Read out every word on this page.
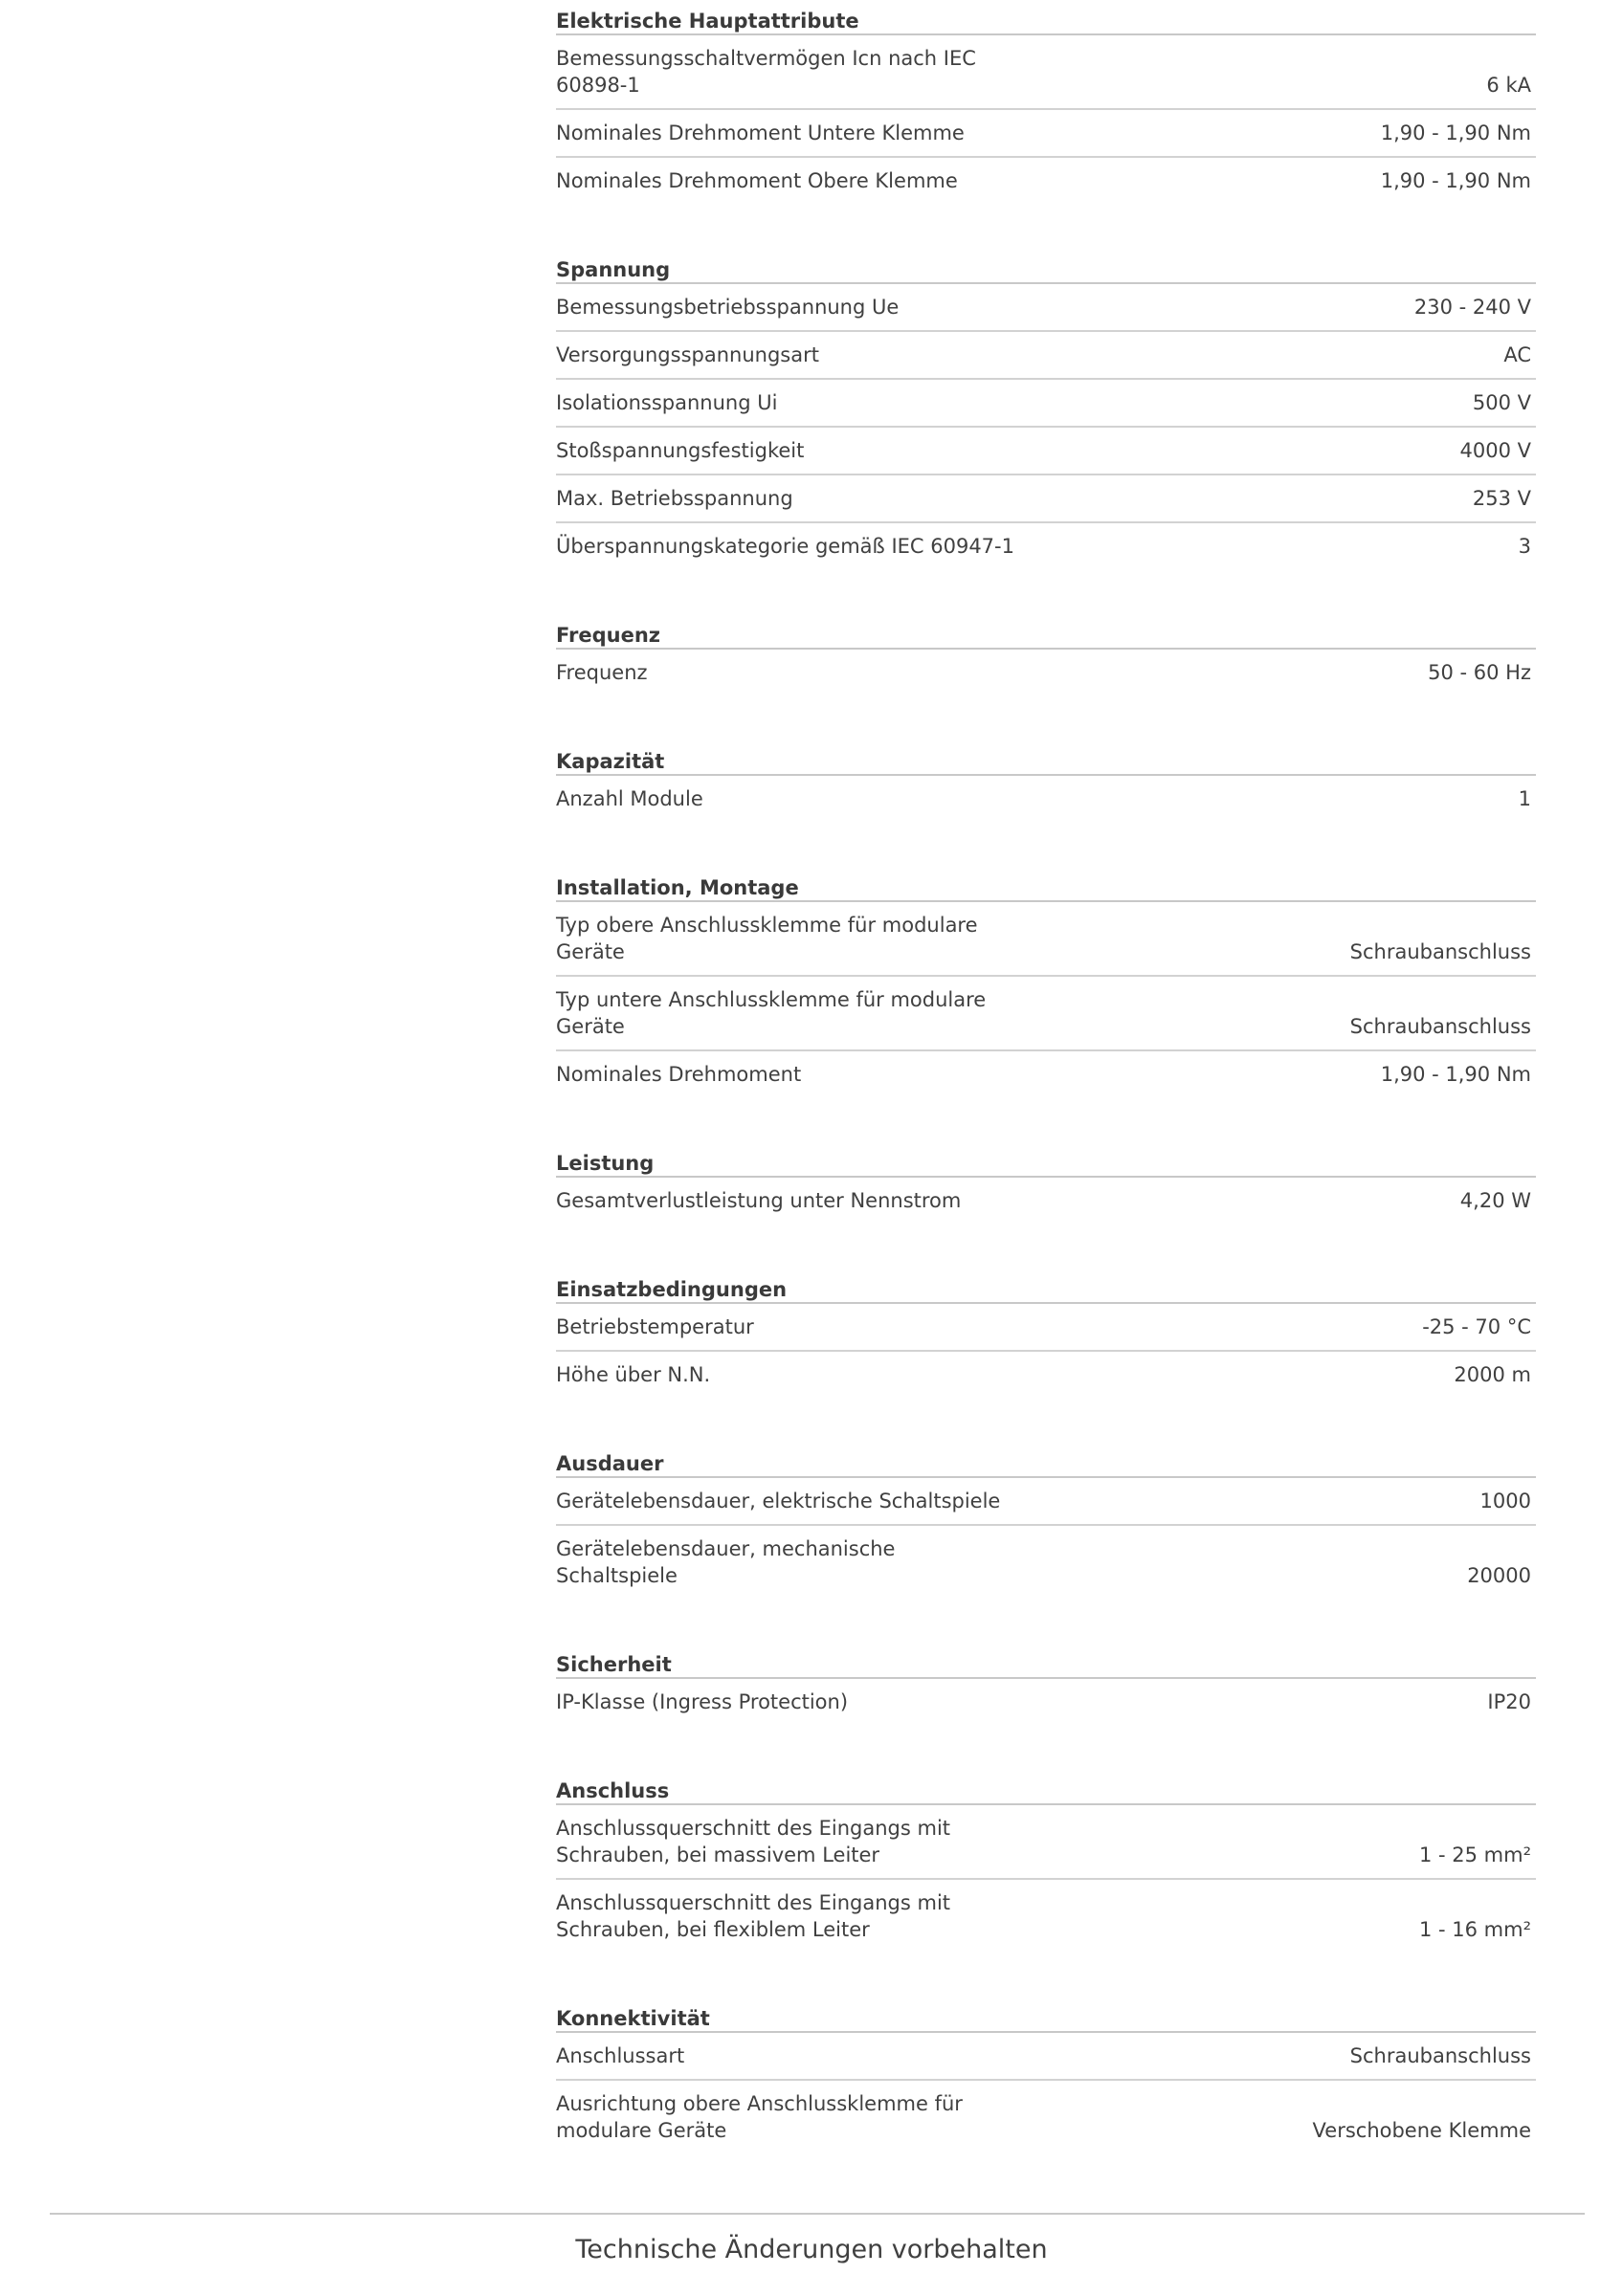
Elektrische Hauptattribute
Bemessungsschaltvermögen Icn nach IEC 60898-1	6 kA
Nominales Drehmoment Untere Klemme	1,90 - 1,90 Nm
Nominales Drehmoment Obere Klemme	1,90 - 1,90 Nm
Spannung
Bemessungsbetriebsspannung Ue	230 - 240 V
Versorgungsspannungsart	AC
Isolationsspannung Ui	500 V
Stoßspannungsfestigkeit	4000 V
Max. Betriebsspannung	253 V
Überspannungskategorie gemäß IEC 60947-1	3
Frequenz
Frequenz	50 - 60 Hz
Kapazität
Anzahl Module	1
Installation, Montage
Typ obere Anschlussklemme für modulare Geräte	Schraubanschluss
Typ untere Anschlussklemme für modulare Geräte	Schraubanschluss
Nominales Drehmoment	1,90 - 1,90 Nm
Leistung
Gesamtverlustleistung unter Nennstrom	4,20 W
Einsatzbedingungen
Betriebstemperatur	-25 - 70 °C
Höhe über N.N.	2000 m
Ausdauer
Gerätelebensdauer, elektrische Schaltspiele	1000
Gerätelebensdauer, mechanische Schaltspiele	20000
Sicherheit
IP-Klasse (Ingress Protection)	IP20
Anschluss
Anschlussquerschnitt des Eingangs mit Schrauben, bei massivem Leiter	1 - 25 mm²
Anschlussquerschnitt des Eingangs mit Schrauben, bei flexiblem Leiter	1 - 16 mm²
Konnektivität
Anschlussart	Schraubanschluss
Ausrichtung obere Anschlussklemme für modulare Geräte	Verschobene Klemme
Technische Änderungen vorbehalten
